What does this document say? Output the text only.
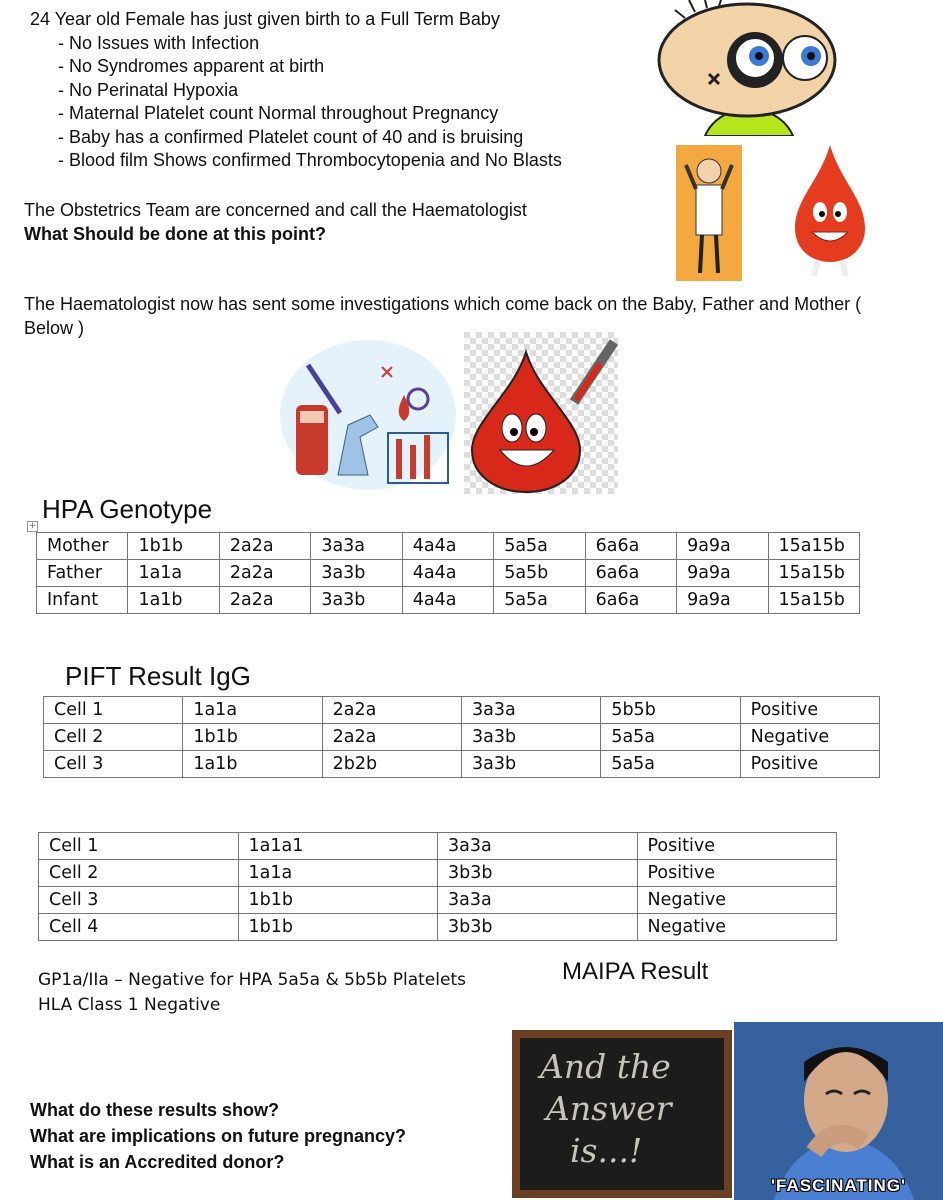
24 Year old Female has just given birth to a Full Term Baby
- No Issues with Infection
- No Syndromes apparent at birth
- No Perinatal Hypoxia
- Maternal Platelet count Normal throughout Pregnancy
- Baby has a confirmed Platelet count of 40 and is bruising
- Blood film Shows confirmed Thrombocytopenia and No Blasts
The Obstetrics Team are concerned and call the Haematologist
What Should be done at this point?
The Haematologist now has sent some investigations which come back on the Baby, Father and Mother ( Below )
HPA Genotype
+
Mother	1b1b	2a2a	3a3a	4a4a	5a5a	6a6a	9a9a	15a15b
Father	1a1a	2a2a	3a3b	4a4a	5a5b	6a6a	9a9a	15a15b
Infant	1a1b	2a2a	3a3b	4a4a	5a5a	6a6a	9a9a	15a15b
PIFT Result IgG
Cell 1	1a1a	2a2a	3a3a	5b5b	Positive
Cell 2	1b1b	2a2a	3a3b	5a5a	Negative
Cell 3	1a1b	2b2b	3a3b	5a5a	Positive
Cell 1	1a1a1	3a3a	Positive
Cell 2	1a1a	3b3b	Positive
Cell 3	1b1b	3a3a	Negative
Cell 4	1b1b	3b3b	Negative
GP1a/IIa – Negative for HPA 5a5a & 5b5b Platelets
HLA Class 1 Negative
MAIPA Result
What do these results show?
What are implications on future pregnancy?
What is an Accredited donor?
And the
Answer
is...!
'FASCINATING'
